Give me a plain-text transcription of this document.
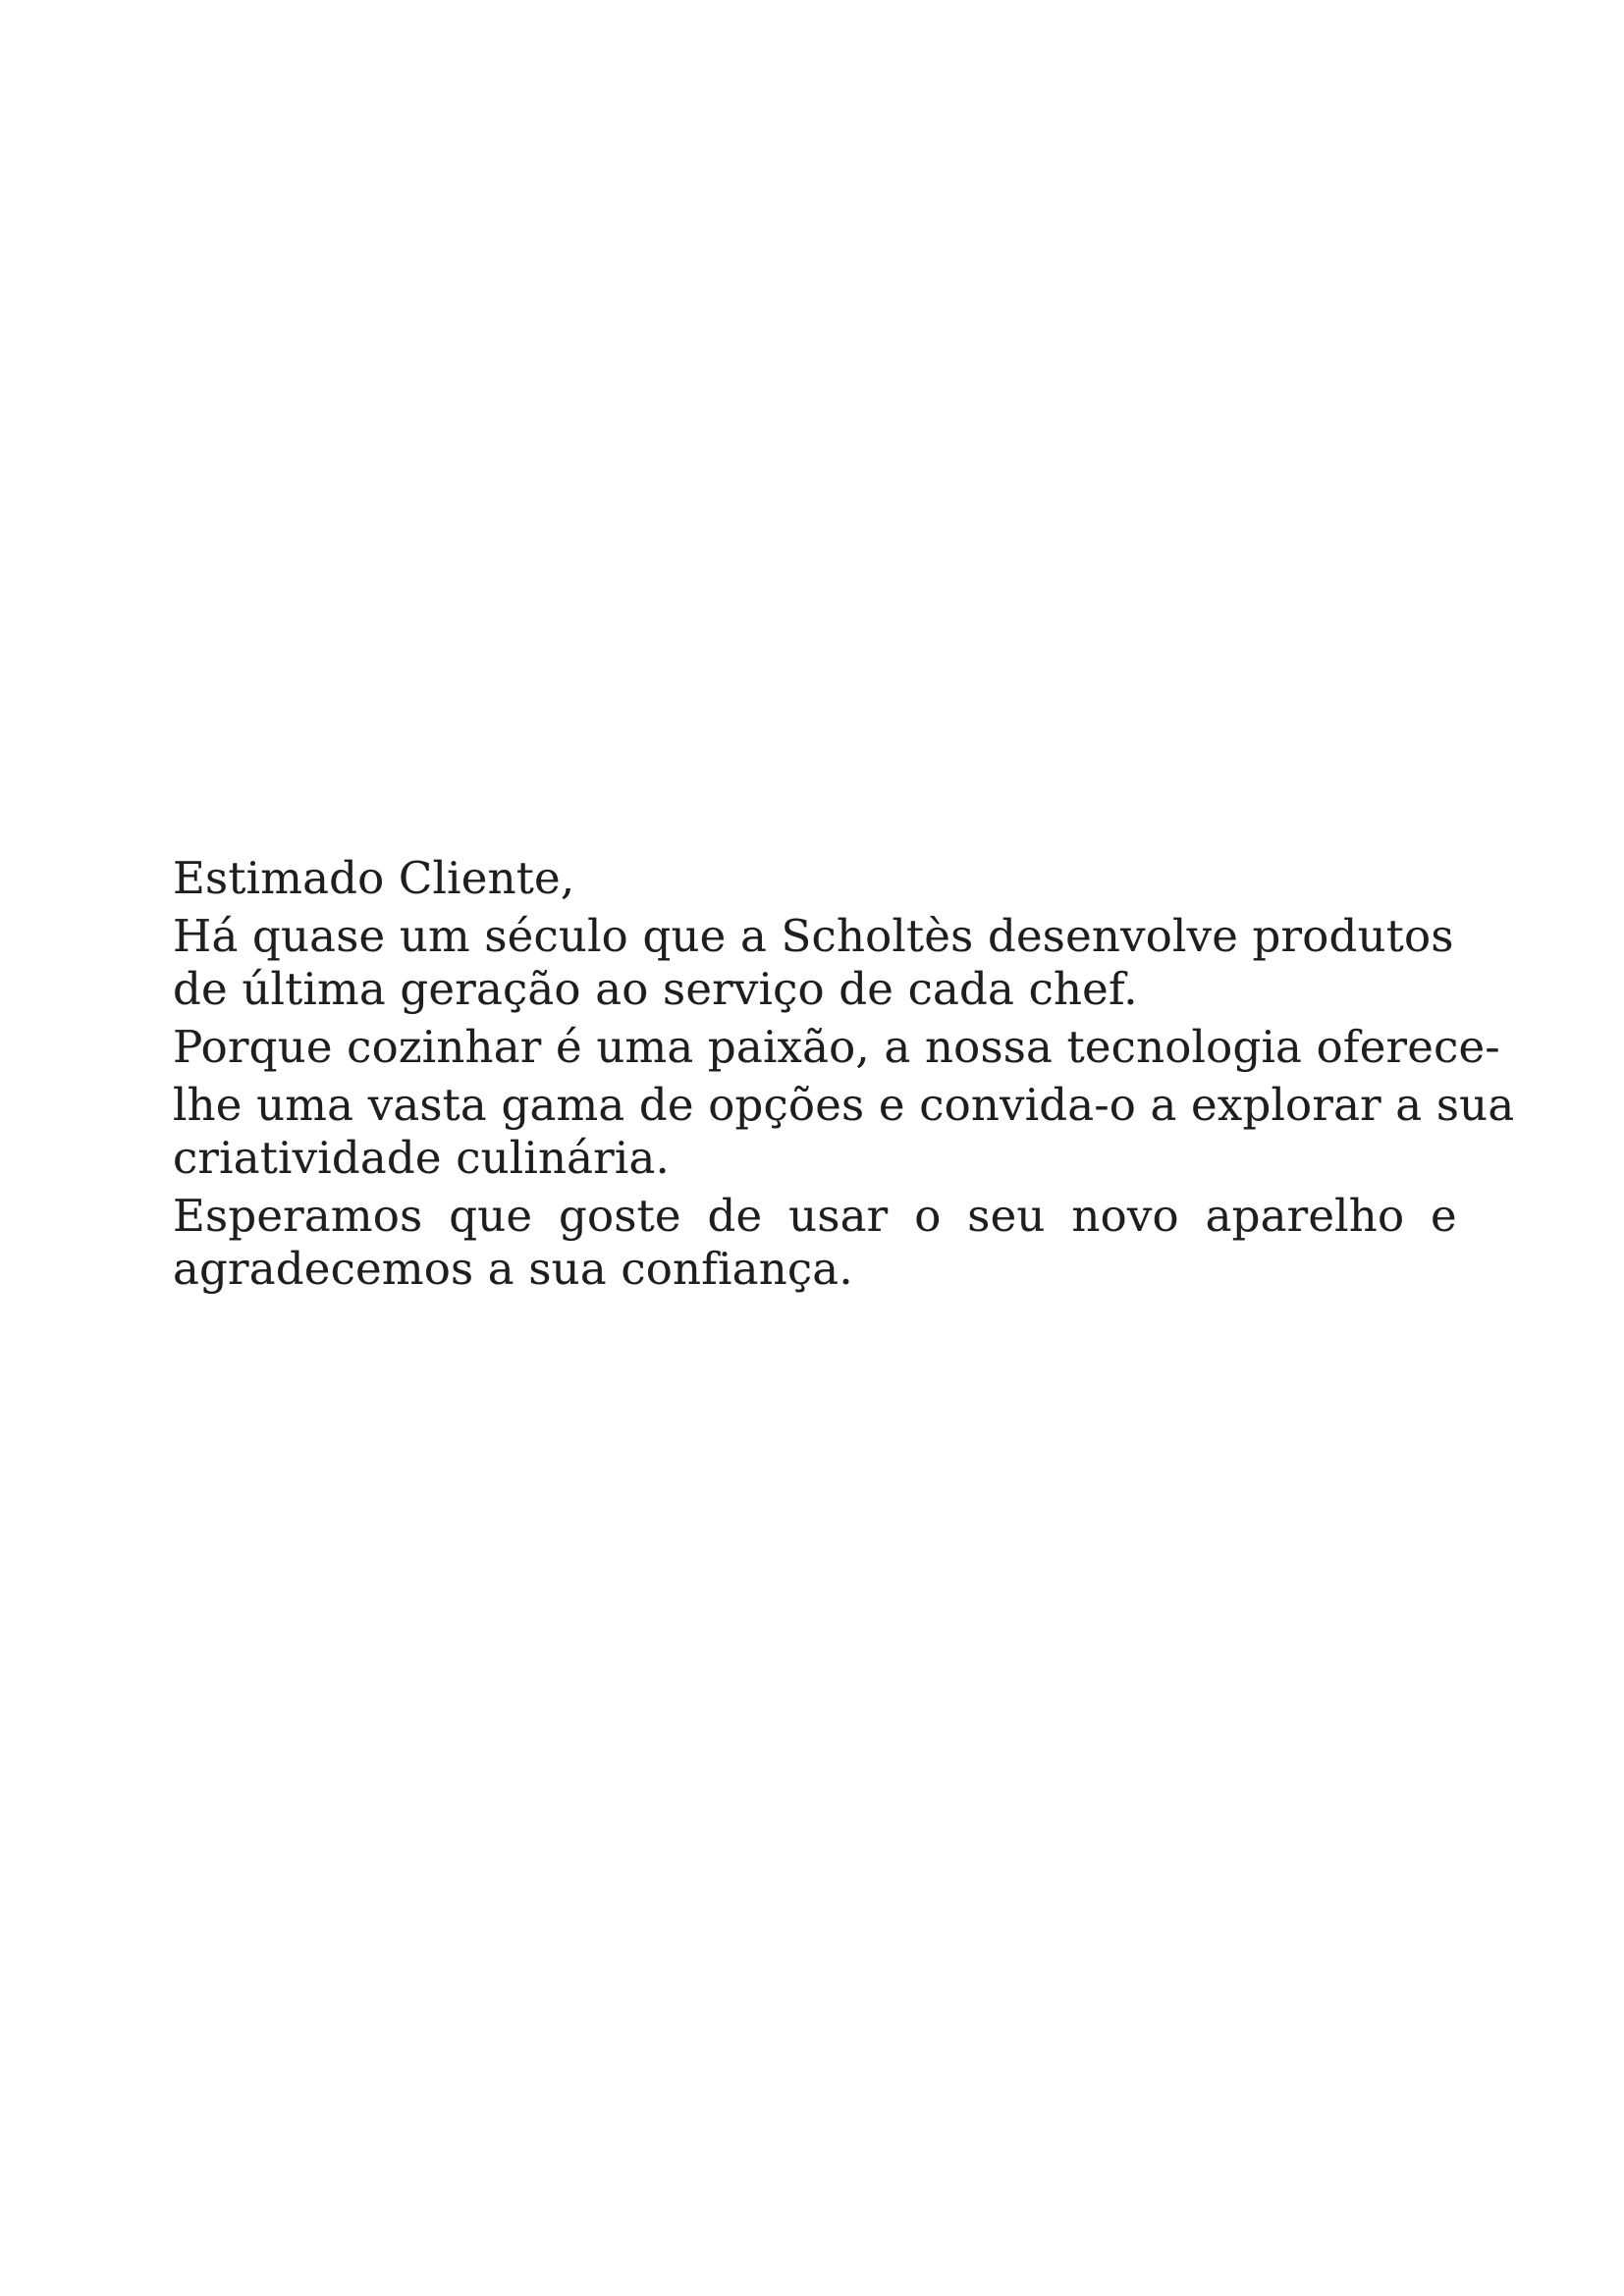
Estimado Cliente,
Há quase um século que a Scholtès desenvolve produtos
de última geração ao serviço de cada chef.
Porque cozinhar é uma paixão, a nossa tecnologia oferece-
lhe uma vasta gama de opções e convida-o a explorar a sua
criatividade culinária.
Esperamos que goste de usar o seu novo aparelho e
agradecemos a sua confiança.
